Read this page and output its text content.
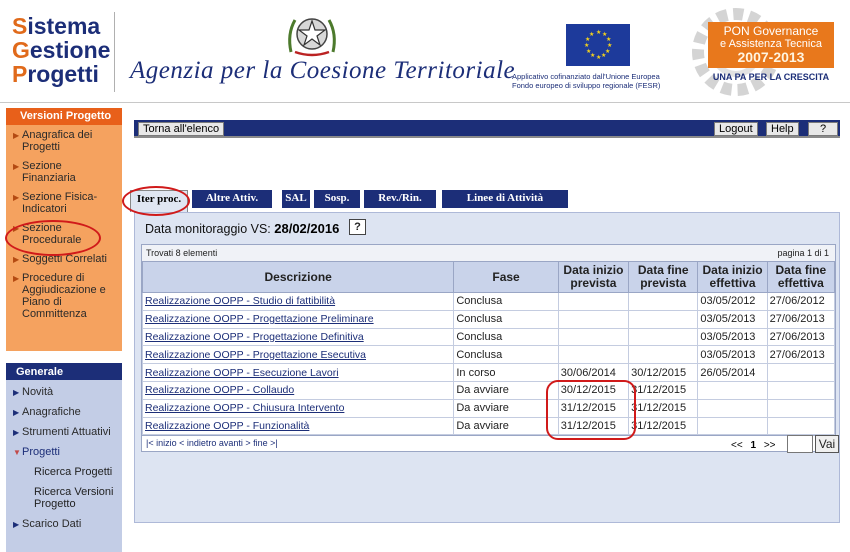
Sistema
Gestione
Progetti	Agenzia per la Coesione Territoriale
★ ★
★
★
★
★
★
★
★
★
★
★
Applicativo cofinanziato dall'Unione Europea
Fondo europeo di sviluppo regionale (FESR)
PON Governance
e Assistenza Tecnica
2007-2013
UNA PA PER LA CRESCITA
Versioni Progetto
▶ Anagrafica dei Progetti
▶ Sezione Finanziaria
▶ Sezione Fisica-Indicatori
▶ Sezione Procedurale
▶ Soggetti Correlati
▶ Procedure di Aggiudicazione e Piano di Committenza
Generale
▶ Novità
▶ Anagrafiche
▶ Strumenti Attuativi
▼ Progetti
Ricerca Progetti
Ricerca Versioni Progetto
▶ Scarico Dati
Torna all'elenco	Logout	Help	?
Iter proc.	Altre Attiv.	SAL	Sosp.	Rev./Rin.	Linee di Attività
Data monitoraggio VS: 28/02/2016	?
Trovati 8 elementi	pagina 1 di 1
Descrizione	Fase	Data inizio prevista	Data fine prevista	Data inizio effettiva	Data fine effettiva
Realizzazione OOPP - Studio di fattibilità	Conclusa			03/05/2012	27/06/2012
Realizzazione OOPP - Progettazione Preliminare	Conclusa			03/05/2013	27/06/2013
Realizzazione OOPP - Progettazione Definitiva	Conclusa			03/05/2013	27/06/2013
Realizzazione OOPP - Progettazione Esecutiva	Conclusa			03/05/2013	27/06/2013
Realizzazione OOPP - Esecuzione Lavori	In corso	30/06/2014	30/12/2015	26/05/2014	
Realizzazione OOPP - Collaudo	Da avviare	30/12/2015	31/12/2015		
Realizzazione OOPP - Chiusura Intervento	Da avviare	31/12/2015	31/12/2015		
Realizzazione OOPP - Funzionalità	Da avviare	31/12/2015	31/12/2015		
|< inizio < indietro avanti > fine >|	<< 1 >>	Vai
